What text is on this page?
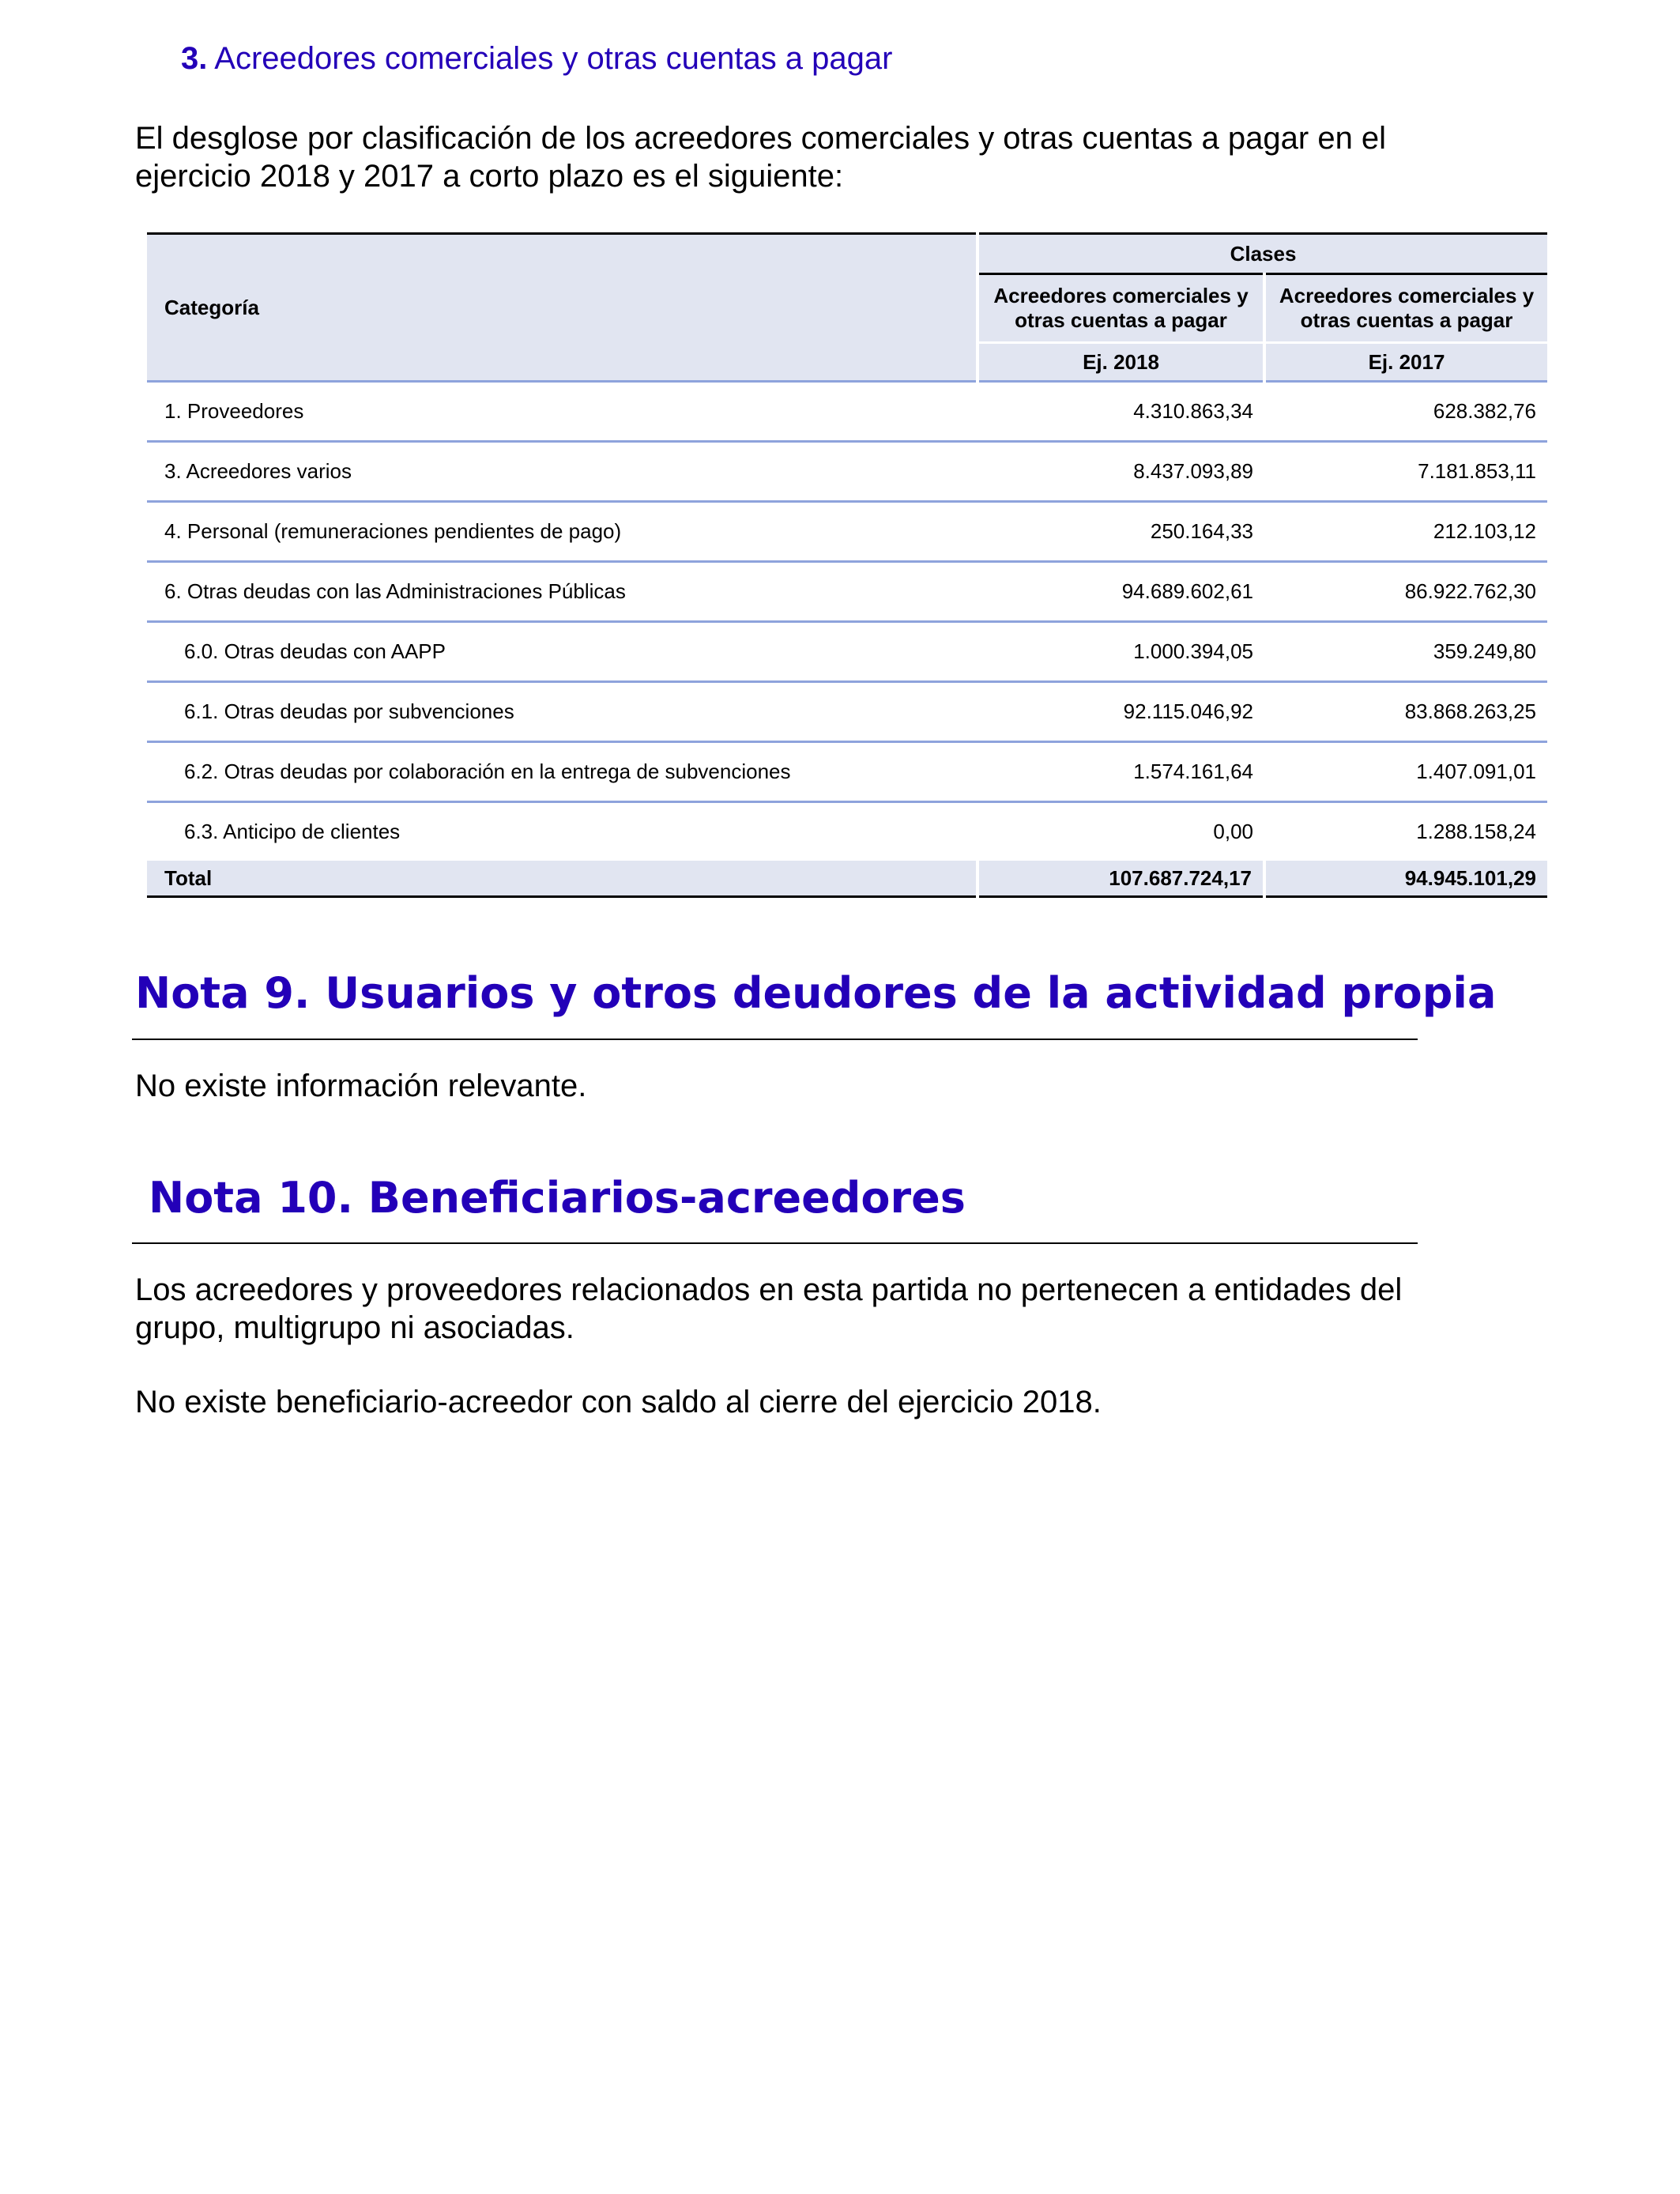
3. Acreedores comerciales y otras cuentas a pagar

El desglose por clasificación de los acreedores comerciales y otras cuentas a pagar en el ejercicio 2018 y 2017 a corto plazo es el siguiente:

Categoría	Clases	
	Acreedores comerciales y otras cuentas a pagar	Acreedores comerciales y otras cuentas a pagar
	Ej. 2018	Ej. 2017
1. Proveedores	4.310.863,34	628.382,76
3. Acreedores varios	8.437.093,89	7.181.853,11
4. Personal (remuneraciones pendientes de pago)	250.164,33	212.103,12
6. Otras deudas con las Administraciones Públicas	94.689.602,61	86.922.762,30
6.0. Otras deudas con AAPP	1.000.394,05	359.249,80
6.1. Otras deudas por subvenciones	92.115.046,92	83.868.263,25
6.2. Otras deudas por colaboración en la entrega de subvenciones	1.574.161,64	1.407.091,01
6.3. Anticipo de clientes	0,00	1.288.158,24
Total	107.687.724,17	94.945.101,29
Nota 9. Usuarios y otros deudores de la actividad propia

No existe información relevante.

Nota 10. Beneficiarios-acreedores

Los acreedores y proveedores relacionados en esta partida no pertenecen a entidades del grupo, multigrupo ni asociadas.

No existe beneficiario-acreedor con saldo al cierre del ejercicio 2018.
